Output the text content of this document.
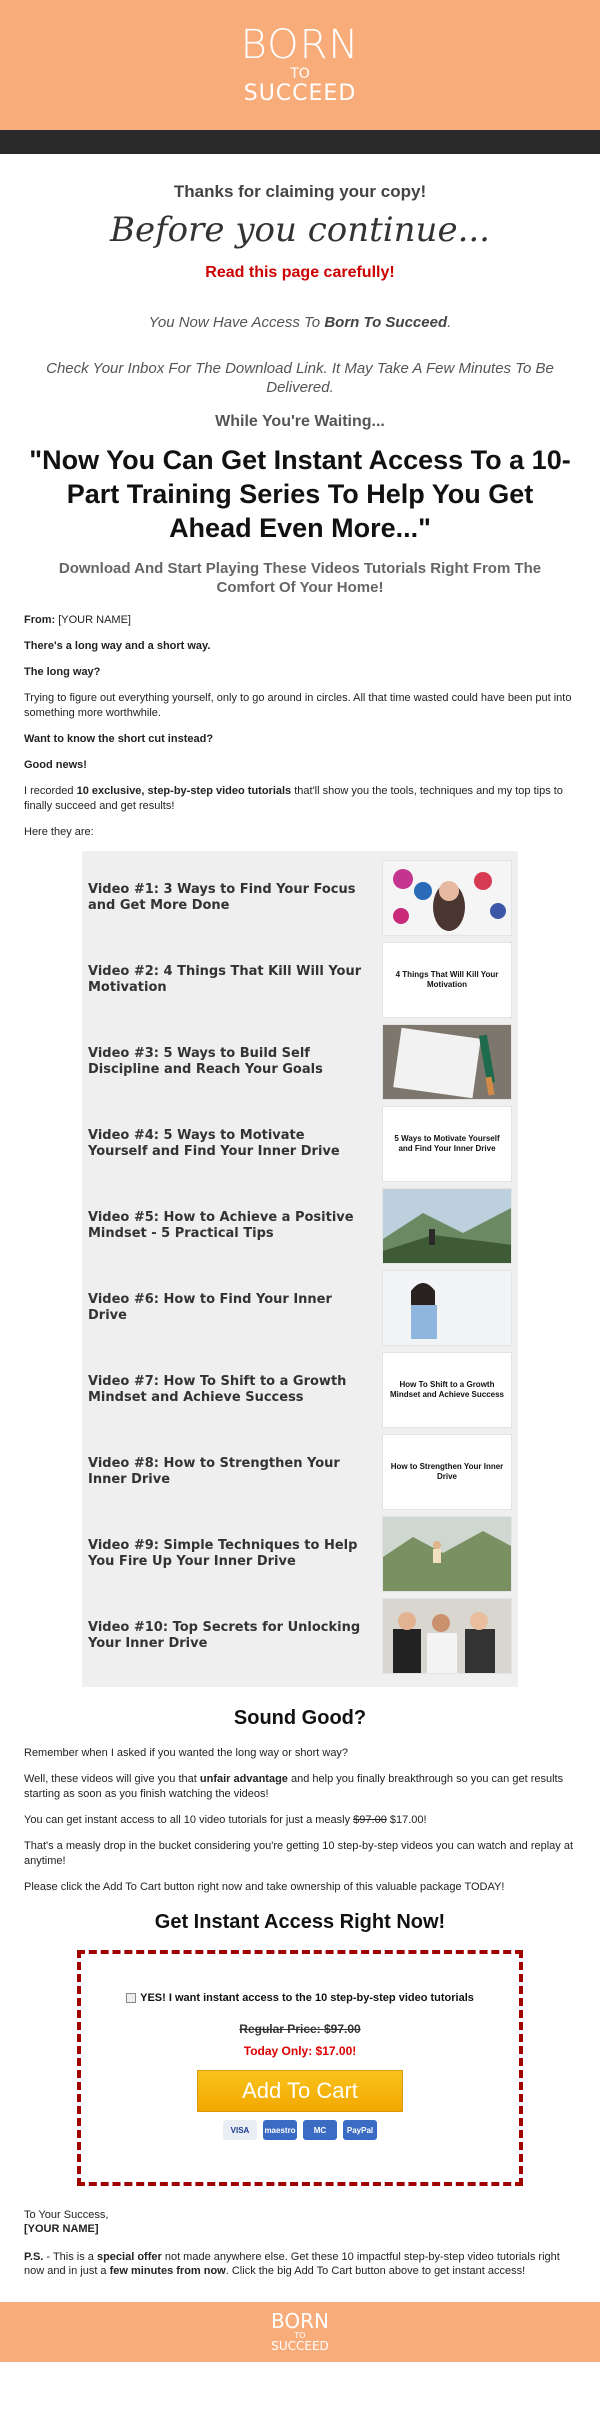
BORN
TO
SUCCEED
Thanks for claiming your copy!
Before you continue...
Read this page carefully!
You Now Have Access To Born To Succeed.
Check Your Inbox For The Download Link. It May Take A Few Minutes To Be Delivered.
While You're Waiting...
"Now You Can Get Instant Access To a 10-Part Training Series To Help You Get Ahead Even More..."
Download And Start Playing These Videos Tutorials Right From The Comfort Of Your Home!

From: [YOUR NAME]

There's a long way and a short way.

The long way?

Trying to figure out everything yourself, only to go around in circles. All that time wasted could have been put into something more worthwhile.

Want to know the short cut instead?

Good news!

I recorded 10 exclusive, step-by-step video tutorials that'll show you the tools, techniques and my top tips to finally succeed and get results!

Here they are:

Video #1: 3 Ways to Find Your Focus and Get More Done
Video #2: 4 Things That Kill Will Your Motivation
4 Things That Will Kill Your Motivation
Video #3: 5 Ways to Build Self Discipline and Reach Your Goals
Video #4: 5 Ways to Motivate Yourself and Find Your Inner Drive
5 Ways to Motivate Yourself and Find Your Inner Drive
Video #5: How to Achieve a Positive Mindset - 5 Practical Tips
Video #6: How to Find Your Inner Drive
Video #7: How To Shift to a Growth Mindset and Achieve Success
How To Shift to a Growth Mindset and Achieve Success
Video #8: How to Strengthen Your Inner Drive
How to Strengthen Your Inner Drive
Video #9: Simple Techniques to Help You Fire Up Your Inner Drive
Video #10: Top Secrets for Unlocking Your Inner Drive
Sound Good?

Remember when I asked if you wanted the long way or short way?

Well, these videos will give you that unfair advantage and help you finally breakthrough so you can get results starting as soon as you finish watching the videos!

You can get instant access to all 10 video tutorials for just a measly $97.00 $17.00!

That's a measly drop in the bucket considering you're getting 10 step-by-step videos you can watch and replay at anytime!

Please click the Add To Cart button right now and take ownership of this valuable package TODAY!

Get Instant Access Right Now!
YES! I want instant access to the 10 step-by-step video tutorials
Regular Price: $97.00
Today Only: $17.00!
Add To Cart
VISA	maestro	MC	PayPal

To Your Success,
[YOUR NAME]

P.S. - This is a special offer not made anywhere else. Get these 10 impactful step-by-step video tutorials right now and in just a few minutes from now. Click the big Add To Cart button above to get instant access!

BORN
TO
SUCCEED
